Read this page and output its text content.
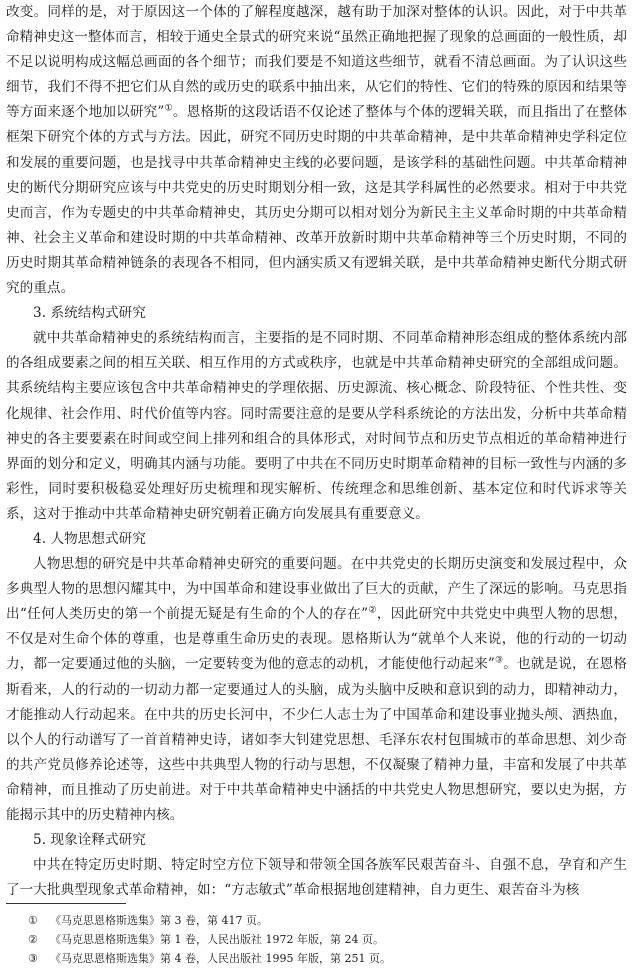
改变。同样的是，对于原因这一个体的了解程度越深，越有助于加深对整体的认识。因此，对于中共革命精神史这一整体而言，相较于通史全景式的研究来说“虽然正确地把握了现象的总画面的一般性质，却不足以说明构成这幅总画面的各个细节；而我们要是不知道这些细节，就看不清总画面。为了认识这些细节，我们不得不把它们从自然的或历史的联系中抽出来，从它们的特性、它们的特殊的原因和结果等等方面来逐个地加以研究”①。恩格斯的这段话语不仅论述了整体与个体的逻辑关联，而且指出了在整体框架下研究个体的方式与方法。因此，研究不同历史时期的中共革命精神，是中共革命精神史学科定位和发展的重要问题，也是找寻中共革命精神史主线的必要问题，是该学科的基础性问题。中共革命精神史的断代分期研究应该与中共党史的历史时期划分相一致，这是其学科属性的必然要求。相对于中共党史而言，作为专题史的中共革命精神史，其历史分期可以相对划分为新民主主义革命时期的中共革命精神、社会主义革命和建设时期的中共革命精神、改革开放新时期中共革命精神等三个历史时期，不同的历史时期其革命精神链条的表现各不相同，但内涵实质又有逻辑关联，是中共革命精神史断代分期式研究的重点。

3. 系统结构式研究

就中共革命精神史的系统结构而言，主要指的是不同时期、不同革命精神形态组成的整体系统内部的各组成要素之间的相互关联、相互作用的方式或秩序，也就是中共革命精神史研究的全部组成问题。其系统结构主要应该包含中共革命精神史的学理依据、历史源流、核心概念、阶段特征、个性共性、变化规律、社会作用、时代价值等内容。同时需要注意的是要从学科系统论的方法出发，分析中共革命精神史的各主要要素在时间或空间上排列和组合的具体形式，对时间节点和历史节点相近的革命精神进行界面的划分和定义，明确其内涵与功能。要明了中共在不同历史时期革命精神的目标一致性与内涵的多彩性，同时要积极稳妥处理好历史梳理和现实解析、传统理念和思维创新、基本定位和时代诉求等关系，这对于推动中共革命精神史研究朝着正确方向发展具有重要意义。

4. 人物思想式研究

人物思想的研究是中共革命精神史研究的重要问题。在中共党史的长期历史演变和发展过程中，众多典型人物的思想闪耀其中，为中国革命和建设事业做出了巨大的贡献，产生了深远的影响。马克思指出“任何人类历史的第一个前提无疑是有生命的个人的存在”②，因此研究中共党史中典型人物的思想，不仅是对生命个体的尊重，也是尊重生命历史的表现。恩格斯认为“就单个人来说，他的行动的一切动力，都一定要通过他的头脑，一定要转变为他的意志的动机，才能使他行动起来”③。也就是说，在恩格斯看来，人的行动的一切动力都一定要通过人的头脑，成为头脑中反映和意识到的动力，即精神动力，才能推动人行动起来。在中共的历史长河中，不少仁人志士为了中国革命和建设事业抛头颅、洒热血，以个人的行动谱写了一首首精神史诗，诸如李大钊建党思想、毛泽东农村包围城市的革命思想、刘少奇的共产党员修养论述等，这些中共典型人物的行动与思想，不仅凝聚了精神力量，丰富和发展了中共革命精神，而且推动了历史前进。对于中共革命精神史中涵括的中共党史人物思想研究，要以史为据，方能揭示其中的历史精神内核。

5. 现象诠释式研究

中共在特定历史时期、特定时空方位下领导和带领全国各族军民艰苦奋斗、自强不息，孕育和产生了一大批典型现象式革命精神，如：“方志敏式”革命根据地创建精神，自力更生、艰苦奋斗为核

① 《马克思恩格斯选集》第 3 卷，第 417 页。

② 《马克思恩格斯选集》第 1 卷，人民出版社 1972 年版，第 24 页。

③ 《马克思恩格斯选集》第 4 卷，人民出版社 1995 年版，第 251 页。
